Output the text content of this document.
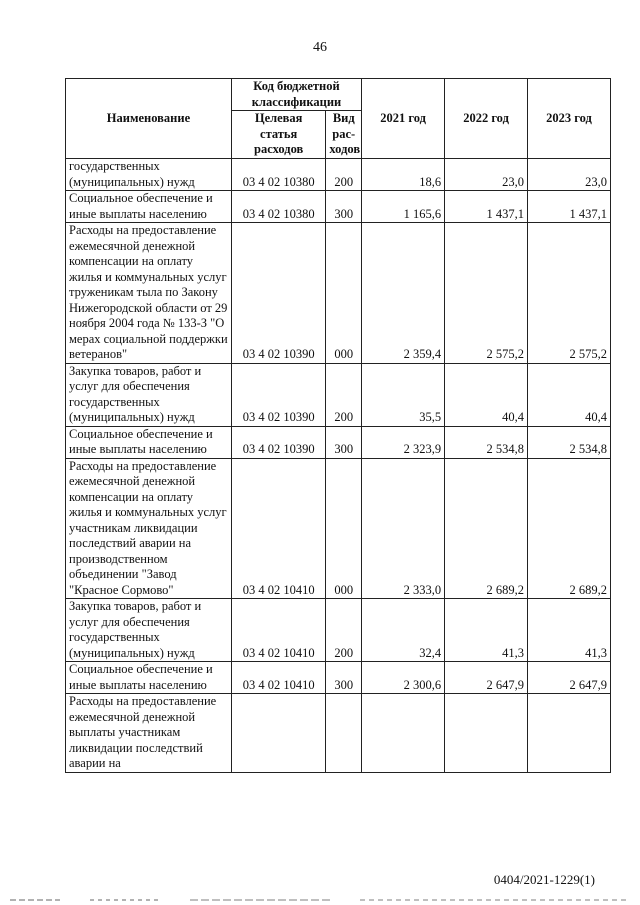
46
Наименование	Код бюджетной классификации		2021 год	2022 год	2023 год
	Целевая статья расходов	Вид рас-ходов			
государственных (муниципальных) нужд	03 4 02 10380	200	18,6	23,0	23,0
Социальное обеспечение и иные выплаты населению	03 4 02 10380	300	1 165,6	1 437,1	1 437,1
Расходы на предоставление ежемесячной денежной компенсации на оплату жилья и коммунальных услуг труженикам тыла по Закону Нижегородской области от 29 ноября 2004 года № 133-З "О мерах социальной поддержки ветеранов"	03 4 02 10390	000	2 359,4	2 575,2	2 575,2
Закупка товаров, работ и услуг для обеспечения государственных (муниципальных) нужд	03 4 02 10390	200	35,5	40,4	40,4
Социальное обеспечение и иные выплаты населению	03 4 02 10390	300	2 323,9	2 534,8	2 534,8
Расходы на предоставление ежемесячной денежной компенсации на оплату жилья и коммунальных услуг участникам ликвидации последствий аварии на производственном объединении "Завод "Красное Сормово"	03 4 02 10410	000	2 333,0	2 689,2	2 689,2
Закупка товаров, работ и услуг для обеспечения государственных (муниципальных) нужд	03 4 02 10410	200	32,4	41,3	41,3
Социальное обеспечение и иные выплаты населению	03 4 02 10410	300	2 300,6	2 647,9	2 647,9
Расходы на предоставление ежемесячной денежной выплаты участникам ликвидации последствий аварии на					
0404/2021-1229(1)
